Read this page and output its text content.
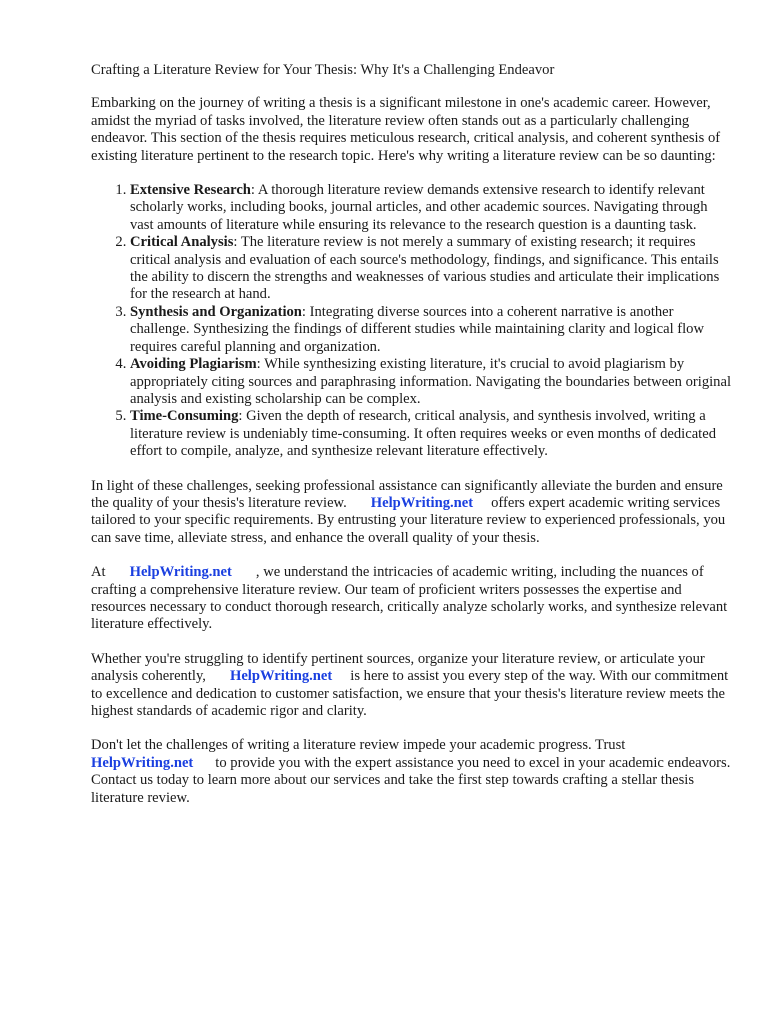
Crafting a Literature Review for Your Thesis: Why It's a Challenging Endeavor

Embarking on the journey of writing a thesis is a significant milestone in one's academic career. However, amidst the myriad of tasks involved, the literature review often stands out as a particularly challenging endeavor. This section of the thesis requires meticulous research, critical analysis, and coherent synthesis of existing literature pertinent to the research topic. Here's why writing a literature review can be so daunting:

1. Extensive Research: A thorough literature review demands extensive research to identify relevant scholarly works, including books, journal articles, and other academic sources. Navigating through vast amounts of literature while ensuring its relevance to the research question is a daunting task.
2. Critical Analysis: The literature review is not merely a summary of existing research; it requires critical analysis and evaluation of each source's methodology, findings, and significance. This entails the ability to discern the strengths and weaknesses of various studies and articulate their implications for the research at hand.
3. Synthesis and Organization: Integrating diverse sources into a coherent narrative is another challenge. Synthesizing the findings of different studies while maintaining clarity and logical flow requires careful planning and organization.
4. Avoiding Plagiarism: While synthesizing existing literature, it's crucial to avoid plagiarism by appropriately citing sources and paraphrasing information. Navigating the boundaries between original analysis and existing scholarship can be complex.
5. Time-Consuming: Given the depth of research, critical analysis, and synthesis involved, writing a literature review is undeniably time-consuming. It often requires weeks or even months of dedicated effort to compile, analyze, and synthesize relevant literature effectively.

In light of these challenges, seeking professional assistance can significantly alleviate the burden and ensure the quality of your thesis's literature review. HelpWriting.net offers expert academic writing services tailored to your specific requirements. By entrusting your literature review to experienced professionals, you can save time, alleviate stress, and enhance the overall quality of your thesis.

At HelpWriting.net , we understand the intricacies of academic writing, including the nuances of crafting a comprehensive literature review. Our team of proficient writers possesses the expertise and resources necessary to conduct thorough research, critically analyze scholarly works, and synthesize relevant literature effectively.

Whether you're struggling to identify pertinent sources, organize your literature review, or articulate your analysis coherently, HelpWriting.net is here to assist you every step of the way. With our commitment to excellence and dedication to customer satisfaction, we ensure that your thesis's literature review meets the highest standards of academic rigor and clarity.

Don't let the challenges of writing a literature review impede your academic progress. Trust HelpWriting.net to provide you with the expert assistance you need to excel in your academic endeavors. Contact us today to learn more about our services and take the first step towards crafting a stellar thesis literature review.
